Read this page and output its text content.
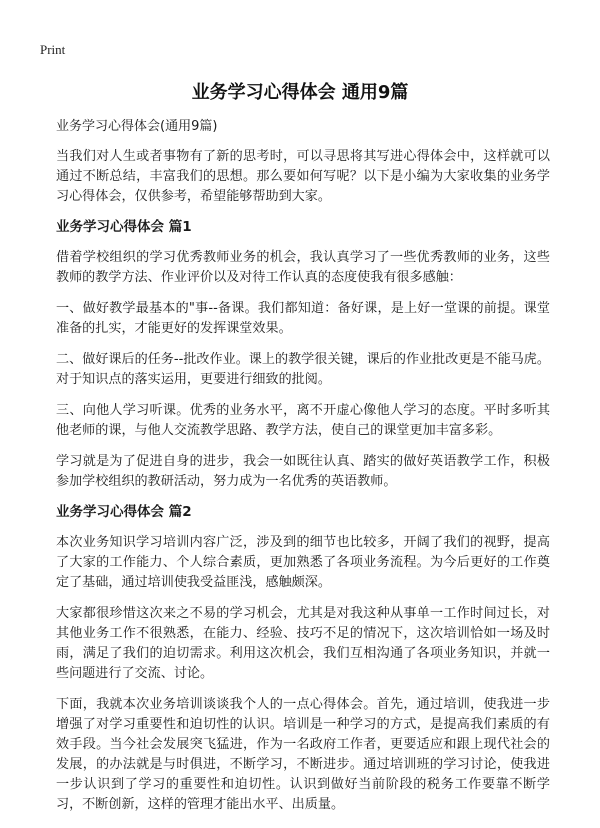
Print
业务学习心得体会 通用9篇
业务学习心得体会(通用9篇)

当我们对人生或者事物有了新的思考时，可以寻思将其写进心得体会中，这样就可以通过不断总结，丰富我们的思想。那么要如何写呢？以下是小编为大家收集的业务学习心得体会，仅供参考，希望能够帮助到大家。

业务学习心得体会 篇1

借着学校组织的学习优秀教师业务的机会，我认真学习了一些优秀教师的业务，这些教师的教学方法、作业评价以及对待工作认真的态度使我有很多感触：

一、做好教学最基本的"事--备课。我们都知道：备好课，是上好一堂课的前提。课堂准备的扎实，才能更好的发挥课堂效果。

二、做好课后的任务--批改作业。课上的教学很关键，课后的作业批改更是不能马虎。对于知识点的落实运用，更要进行细致的批阅。

三、向他人学习听课。优秀的业务水平，离不开虚心像他人学习的态度。平时多听其他老师的课，与他人交流教学思路、教学方法，使自己的课堂更加丰富多彩。

学习就是为了促进自身的进步，我会一如既往认真、踏实的做好英语教学工作，积极参加学校组织的教研活动，努力成为一名优秀的英语教师。

业务学习心得体会 篇2

本次业务知识学习培训内容广泛，涉及到的细节也比较多，开阔了我们的视野，提高了大家的工作能力、个人综合素质，更加熟悉了各项业务流程。为今后更好的工作奠定了基础，通过培训使我受益匪浅，感触颇深。

大家都很珍惜这次来之不易的学习机会，尤其是对我这种从事单一工作时间过长，对其他业务工作不很熟悉，在能力、经验、技巧不足的情况下，这次培训恰如一场及时雨，满足了我们的迫切需求。利用这次机会，我们互相沟通了各项业务知识，并就一些问题进行了交流、讨论。

下面，我就本次业务培训谈谈我个人的一点心得体会。首先，通过培训，使我进一步增强了对学习重要性和迫切性的认识。培训是一种学习的方式，是提高我们素质的有效手段。当今社会发展突飞猛进，作为一名政府工作者，更要适应和跟上现代社会的发展，的办法就是与时俱进，不断学习，不断进步。通过培训班的学习讨论，使我进一步认识到了学习的重要性和迫切性。认识到做好当前阶段的税务工作要靠不断学习，不断创新，这样的管理才能出水平、出质量。
